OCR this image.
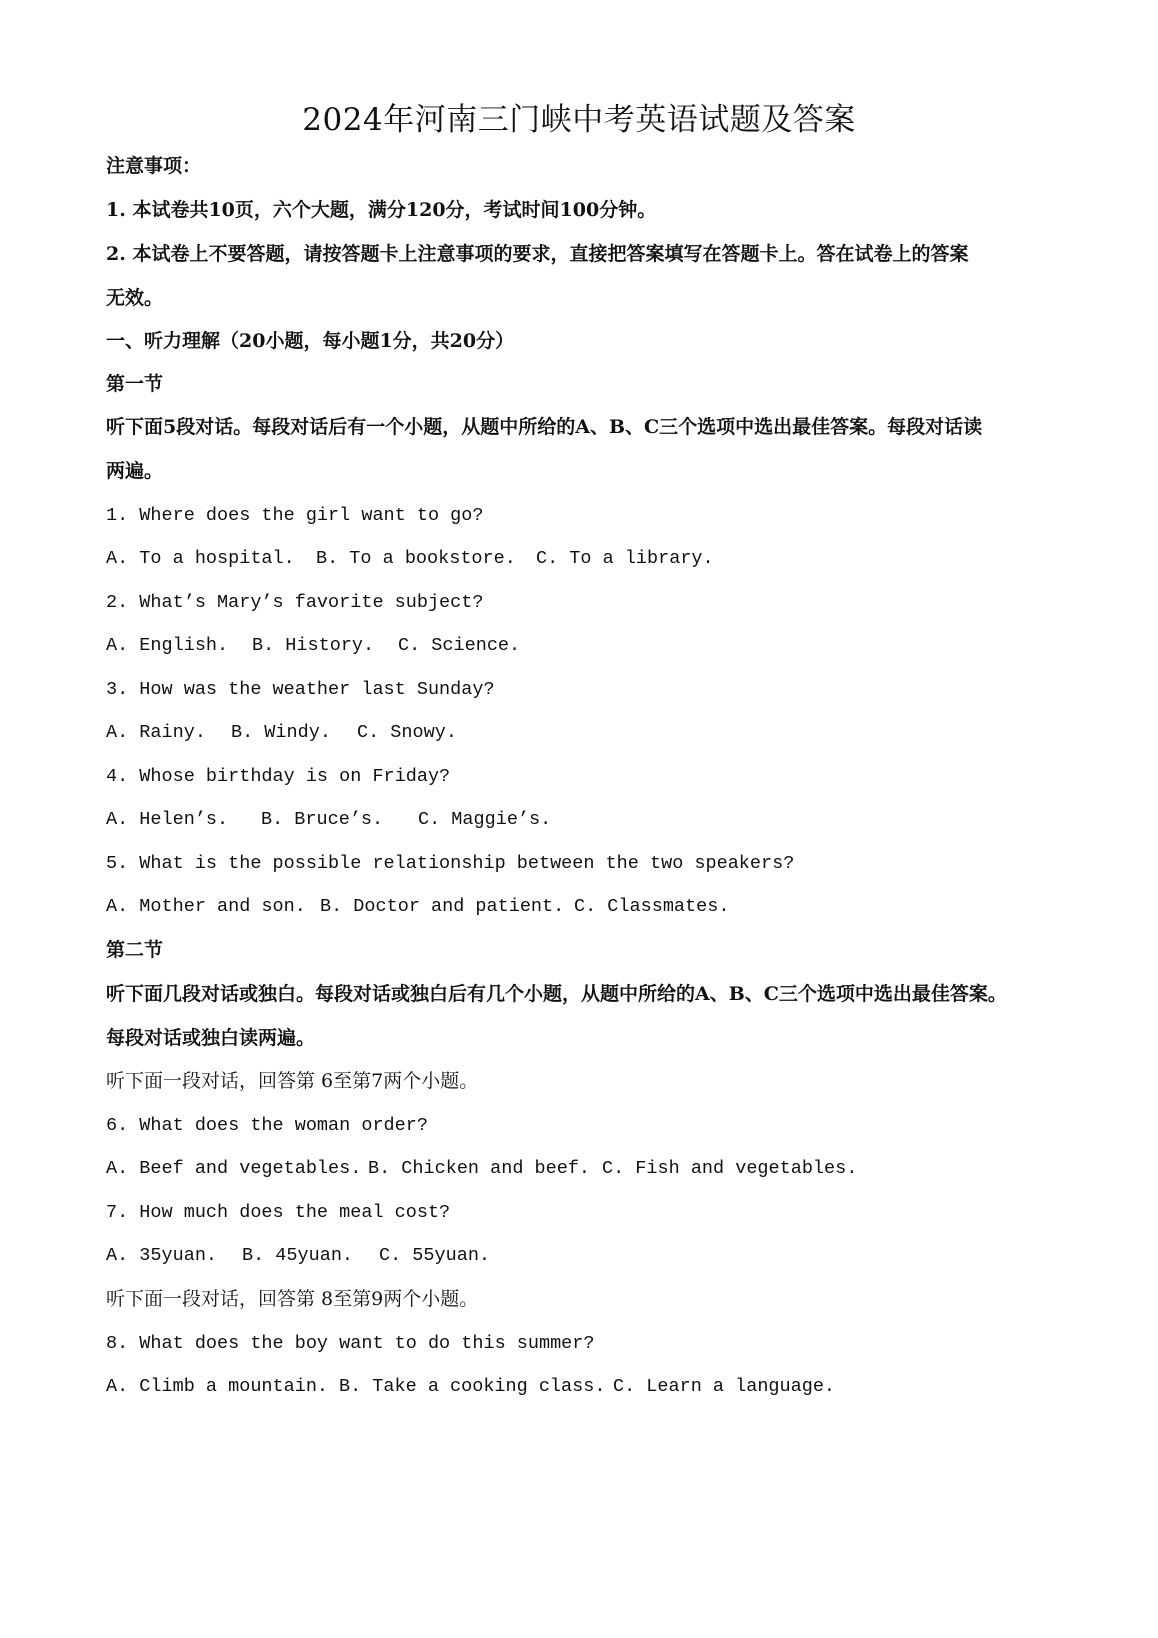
2024年河南三门峡中考英语试题及答案
注意事项：
1. 本试卷共10页，六个大题，满分120分，考试时间100分钟。
2. 本试卷上不要答题，请按答题卡上注意事项的要求，直接把答案填写在答题卡上。答在试卷上的答案
无效。
一、听力理解（20小题，每小题1分，共20分）
第一节
听下面5段对话。每段对话后有一个小题，从题中所给的A、B、C三个选项中选出最佳答案。每段对话读
两遍。
1. Where does the girl want to go?
A. To a hospital. B. To a bookstore. C. To a library.
2. What’s Mary’s favorite subject?
A. English. B. History. C. Science.
3. How was the weather last Sunday?
A. Rainy. B. Windy. C. Snowy.
4. Whose birthday is on Friday?
A. Helen’s. B. Bruce’s. C. Maggie’s.
5. What is the possible relationship between the two speakers?
A. Mother and son. B. Doctor and patient. C. Classmates.
第二节
听下面几段对话或独白。每段对话或独白后有几个小题，从题中所给的A、B、C三个选项中选出最佳答案。
每段对话或独白读两遍。
听下面一段对话，回答第 6至第7两个小题。
6. What does the woman order?
A. Beef and vegetables. B. Chicken and beef. C. Fish and vegetables.
7. How much does the meal cost?
A. 35yuan. B. 45yuan. C. 55yuan.
听下面一段对话，回答第 8至第9两个小题。
8. What does the boy want to do this summer?
A. Climb a mountain. B. Take a cooking class. C. Learn a language.
